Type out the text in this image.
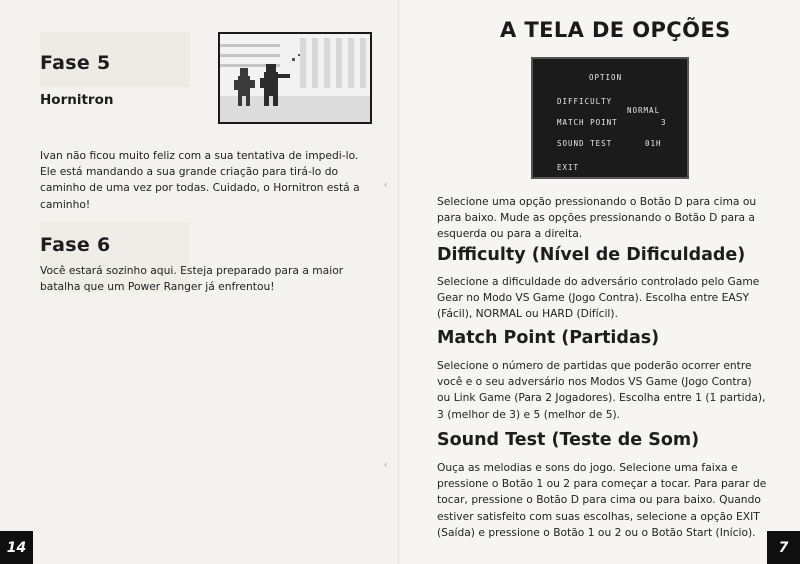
Fase 5
Hornitron

Ivan não ficou muito feliz com a sua tentativa de impedi-lo. Ele está mandando a sua grande criação para tirá-lo do caminho de uma vez por todas. Cuidado, o Hornitron está a caminho!

Fase 6

Você estará sozinho aqui. Esteja preparado para a maior batalha que um Power Ranger já enfrentou!

‹
‹
14	7
A TELA DE OPÇÕES
OPTION
DIFFICULTY
NORMAL
MATCH POINT	3
SOUND TEST	01H
EXIT

Selecione uma opção pressionando o Botão D para cima ou para baixo. Mude as opções pressionando o Botão D para a esquerda ou para a direita.

Difficulty (Nível de Dificuldade)

Selecione a dificuldade do adversário controlado pelo Game Gear no Modo VS Game (Jogo Contra). Escolha entre EASY (Fácil), NORMAL ou HARD (Difícil).

Match Point (Partidas)

Selecione o número de partidas que poderão ocorrer entre você e o seu adversário nos Modos VS Game (Jogo Contra) ou Link Game (Para 2 Jogadores). Escolha entre 1 (1 partida), 3 (melhor de 3) e 5 (melhor de 5).

Sound Test (Teste de Som)

Ouça as melodias e sons do jogo. Selecione uma faixa e pressione o Botão 1 ou 2 para começar a tocar. Para parar de tocar, pressione o Botão D para cima ou para baixo. Quando estiver satisfeito com suas escolhas, selecione a opção EXIT (Saída) e pressione o Botão 1 ou 2 ou o Botão Start (Início).
